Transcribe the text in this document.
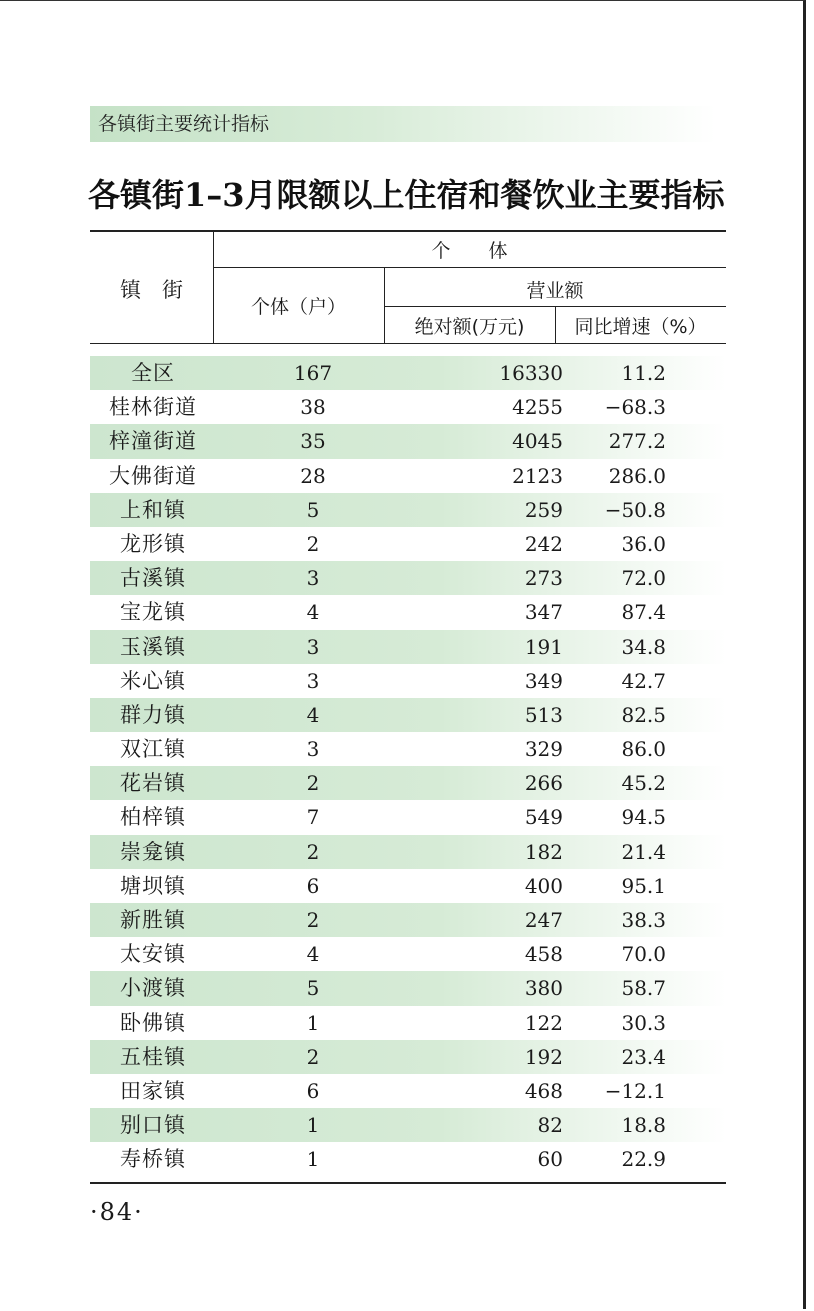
各镇街主要统计指标
各镇街1–3月限额以上住宿和餐饮业主要指标
镇　街
个　　体
个体（户）
营业额
绝对额(万元)	同比增速（%）
全区	167	16330	11.2
桂林街道	38	4255	−68.3
梓潼街道	35	4045	277.2
大佛街道	28	2123	286.0
上和镇	5	259	−50.8
龙形镇	2	242	36.0
古溪镇	3	273	72.0
宝龙镇	4	347	87.4
玉溪镇	3	191	34.8
米心镇	3	349	42.7
群力镇	4	513	82.5
双江镇	3	329	86.0
花岩镇	2	266	45.2
柏梓镇	7	549	94.5
崇龛镇	2	182	21.4
塘坝镇	6	400	95.1
新胜镇	2	247	38.3
太安镇	4	458	70.0
小渡镇	5	380	58.7
卧佛镇	1	122	30.3
五桂镇	2	192	23.4
田家镇	6	468	−12.1
别口镇	1	82	18.8
寿桥镇	1	60	22.9
·84·
